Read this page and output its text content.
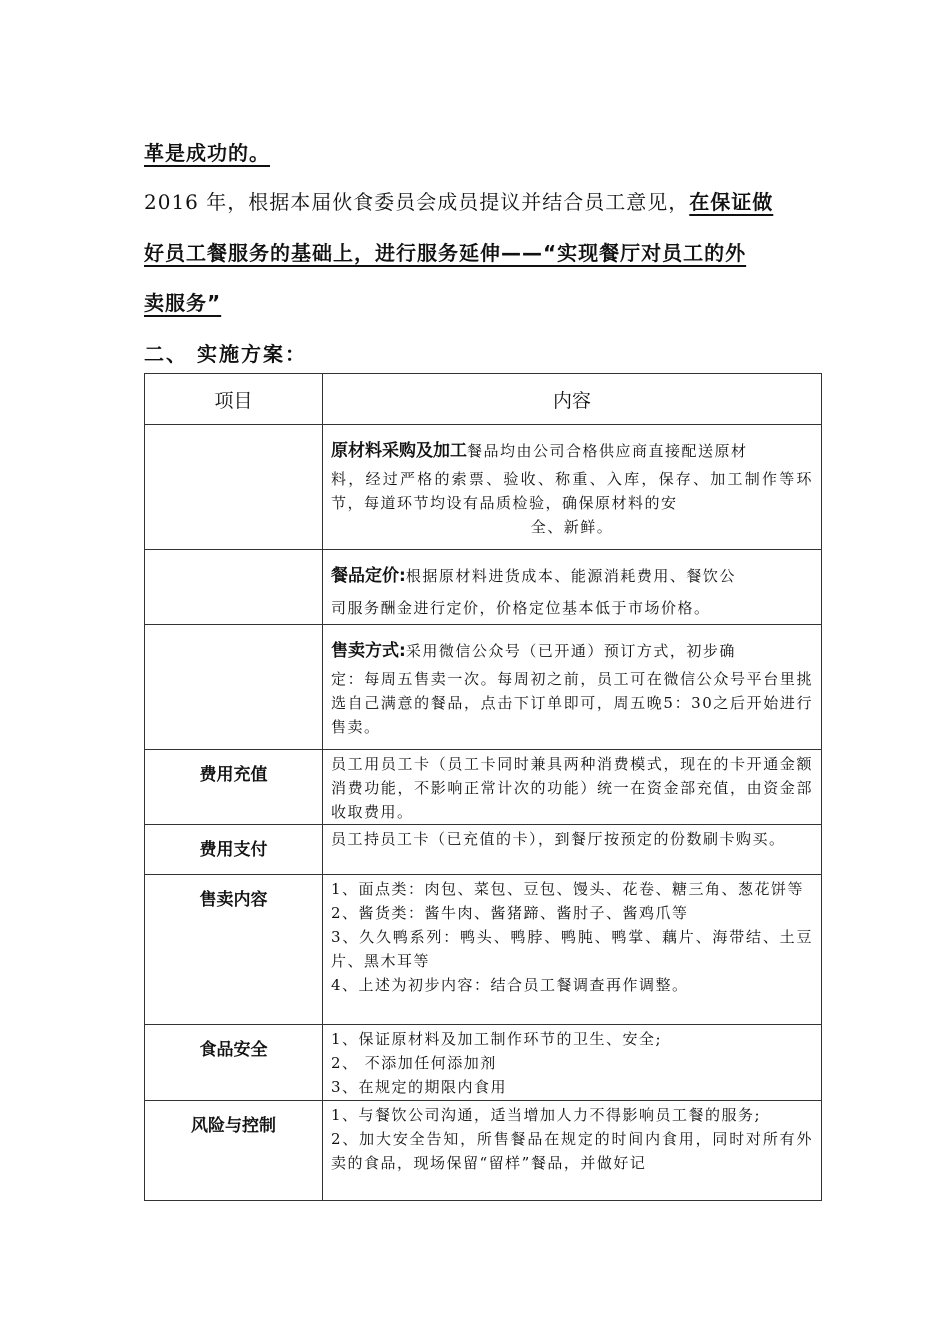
革是成功的。
2016 年，根据本届伙食委员会成员提议并结合员工意见，在保证做
好员工餐服务的基础上，进行服务延伸——“实现餐厅对员工的外
卖服务”
二、 实施方案：
项目	内容

	原材料采购及加工餐品均由公司合格供应商直接配送原材
料，经过严格的索票、验收、称重、入库，保存、加工制作等环节，每道环节均设有品质检验，确保原材料的安
全、新鲜。

	餐品定价:根据原材料进货成本、能源消耗费用、餐饮公
司服务酬金进行定价，价格定位基本低于市场价格。

	售卖方式:采用微信公众号（已开通）预订方式，初步确
定：每周五售卖一次。每周初之前，员工可在微信公众号平台里挑选自己满意的餐品，点击下订单即可，周五晚5：30之后开始进行售卖。

费用充值	员工用员工卡（员工卡同时兼具两种消费模式，现在的卡开通金额消费功能，不影响正常计次的功能）统一在资金部充值，由资金部收取费用。

费用支付	员工持员工卡（已充值的卡），到餐厅按预定的份数刷卡购买。

售卖内容	1、面点类：肉包、菜包、豆包、馒头、花卷、糖三角、葱花饼等
2、酱货类：酱牛肉、酱猪蹄、酱肘子、酱鸡爪等
3、久久鸭系列：鸭头、鸭脖、鸭肫、鸭掌、藕片、海带结、土豆片、黑木耳等
4、上述为初步内容：结合员工餐调查再作调整。

食品安全	1、保证原材料及加工制作环节的卫生、安全;
2、 不添加任何添加剂
3、在规定的期限内食用

风险与控制	1、与餐饮公司沟通，适当增加人力不得影响员工餐的服务;
2、加大安全告知，所售餐品在规定的时间内食用，同时对所有外卖的食品，现场保留“留样”餐品，并做好记
